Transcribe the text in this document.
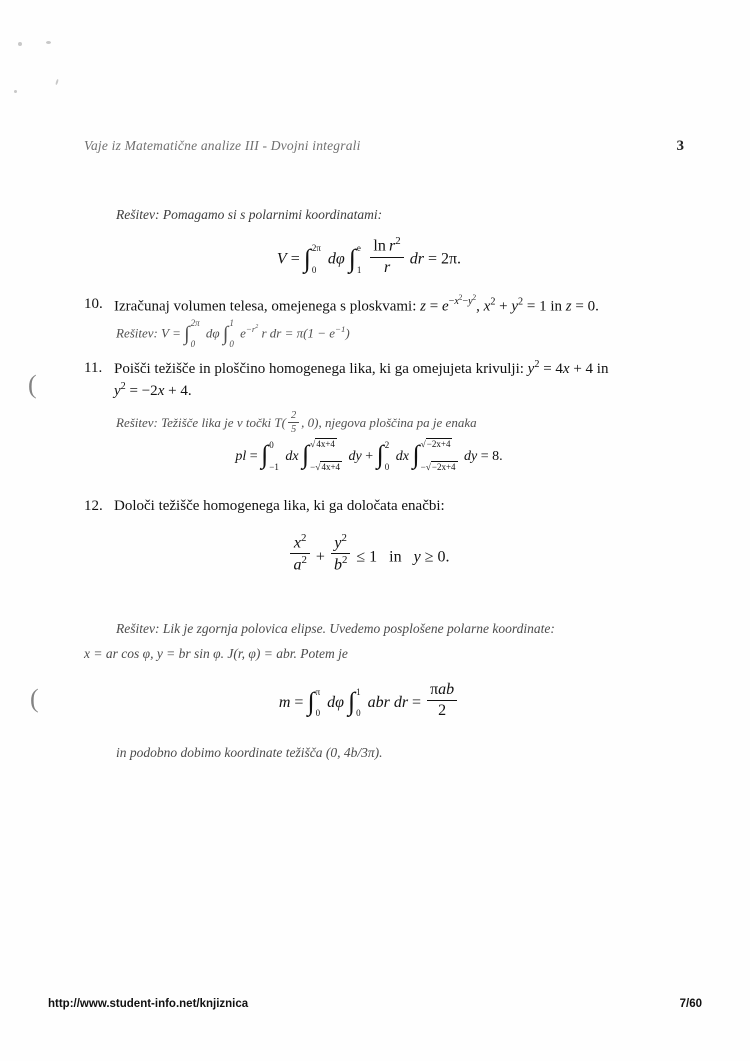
(
(
Vaje iz Matematične analize III - Dvojni integrali	3

Rešitev: Pomagamo si s polarnimi koordinatami:

V = ∫ 2π
0
dφ ∫ e
1
$\frac{\ln r^2}{r}$ dr = 2π.
10. Izračunaj volumen telesa, omejenega s ploskvami: $z = e^{-x^2-y^2}$, $x^2 + y^2 = 1$ in z = 0.
Rešitev: V = ∫
2π
0
dφ ∫
1
0
$e^{-r^2}$ r dr = $\pi(1 - e^{-1})$
11. Poišči težišče in ploščino homogenega lika, ki ga omejujeta krivulji: $y^2 = 4x + 4$ in
$y^2 = -2x + 4$.
Rešitev: Težišče lika je v točki $T( \frac{2}{5}$ , 0), njegova ploščina pa je enaka
pl = ∫ 0
−1
dx ∫ √4x+4
−√4x+4
dy + ∫ 2
0
dx ∫ √−2x+4
−√−2x+4
dy = 8.
12. Določi težišče homogenega lika, ki ga določata enačbi:
$\frac{x^2}{a^2} + \frac{y^2}{b^2} \le 1$   in   y ≥ 0.
Rešitev: Lik je zgornja polovica elipse. Uvedemo posplošene polarne koordinate:
x = ar cos φ, y = br sin φ. J(r, φ) = abr. Potem je
m = ∫ π
0
dφ ∫ 1
0
abr dr = $\frac{\text{πab}}{2}$
in podobno dobimo koordinate težišča (0, 4b/3π).
http://www.student-info.net/knjiznica	7/60
